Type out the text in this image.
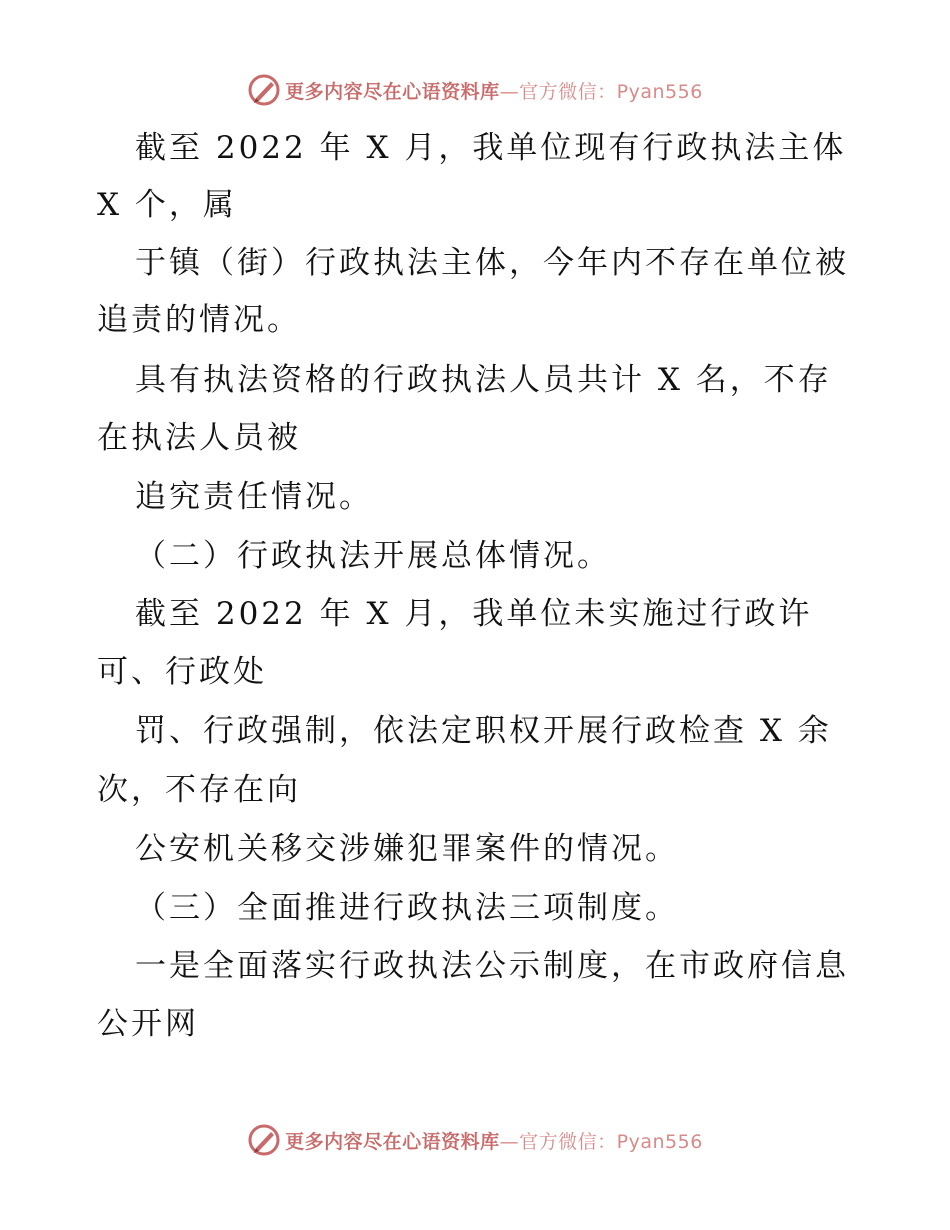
更多内容尽在心语资料库—官方微信：Pyan556
截至 2022 年 X 月，我单位现有行政执法主体
X 个，属
于镇（街）行政执法主体，今年内不存在单位被
追责的情况。
具有执法资格的行政执法人员共计 X 名，不存
在执法人员被
追究责任情况。
（二）行政执法开展总体情况。
截至 2022 年 X 月，我单位未实施过行政许
可、行政处
罚、行政强制，依法定职权开展行政检查 X 余
次，不存在向
公安机关移交涉嫌犯罪案件的情况。
（三）全面推进行政执法三项制度。
一是全面落实行政执法公示制度，在市政府信息
公开网
更多内容尽在心语资料库—官方微信：Pyan556
